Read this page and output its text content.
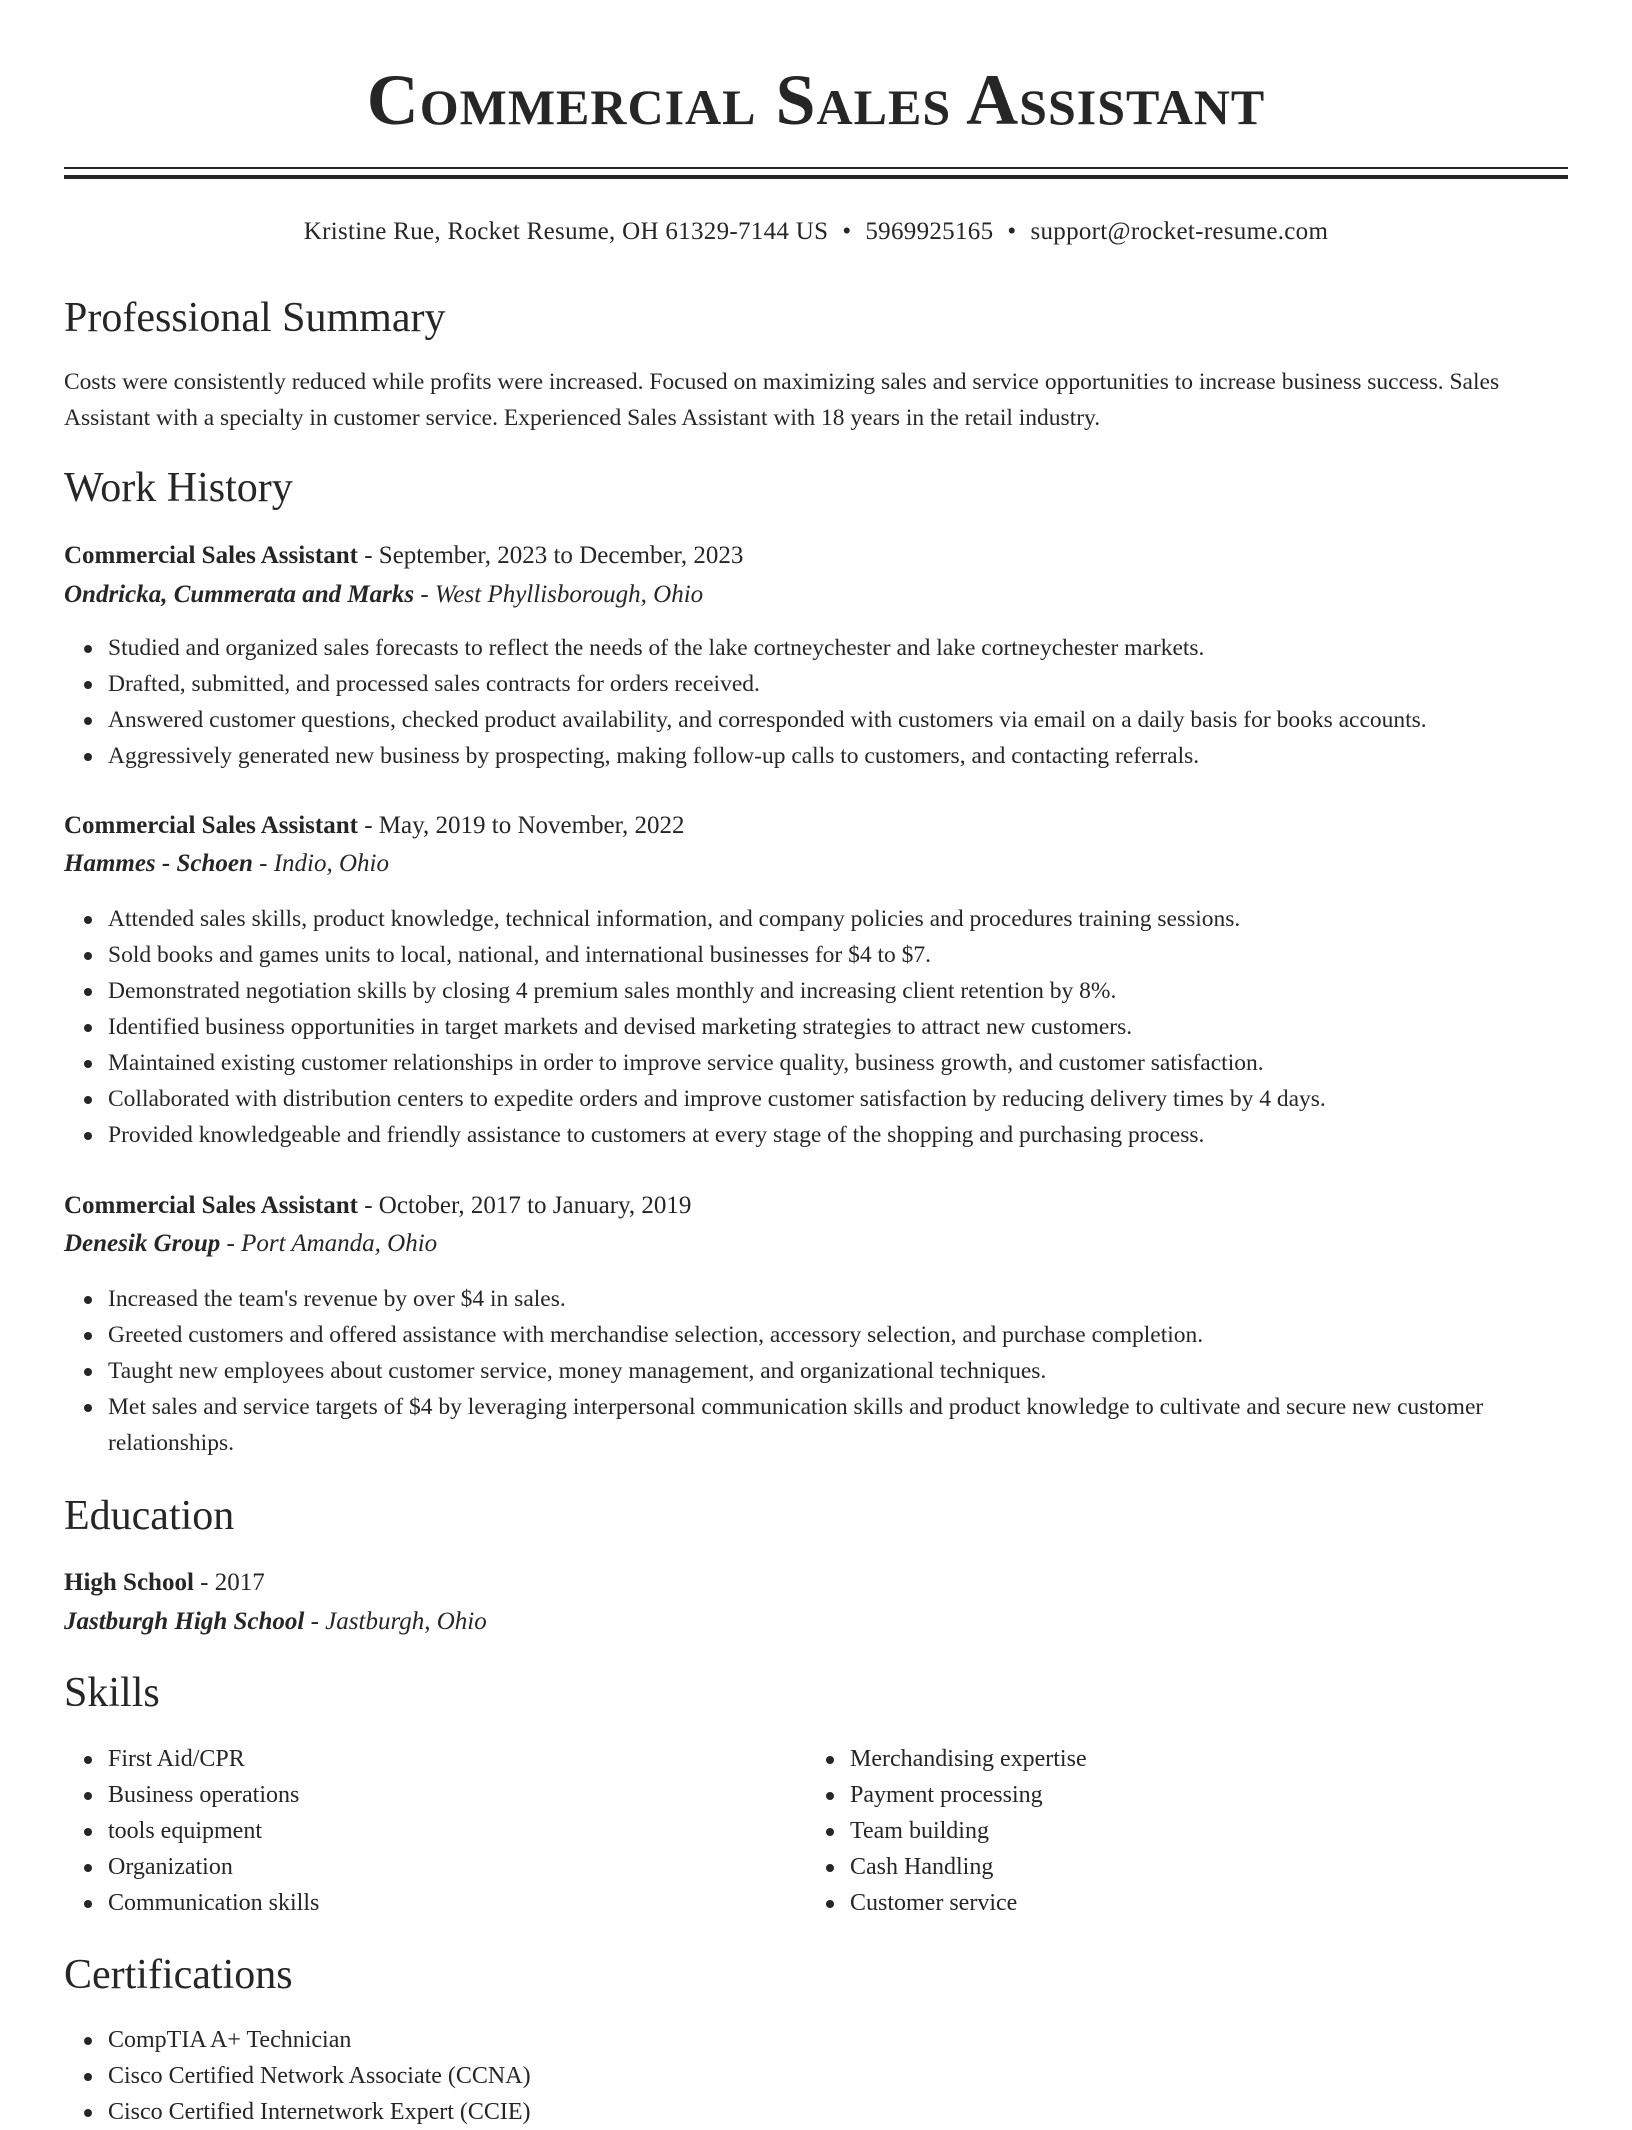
Commercial Sales Assistant
Kristine Rue, Rocket Resume, OH 61329-7144 US • 5969925165 • support@rocket-resume.com
Professional Summary

Costs were consistently reduced while profits were increased. Focused on maximizing sales and service opportunities to increase business success. Sales Assistant with a specialty in customer service. Experienced Sales Assistant with 18 years in the retail industry.

Work History
Commercial Sales Assistant - September, 2023 to December, 2023
Ondricka, Cummerata and Marks - West Phyllisborough, Ohio
Studied and organized sales forecasts to reflect the needs of the lake cortneychester and lake cortneychester markets.
Drafted, submitted, and processed sales contracts for orders received.
Answered customer questions, checked product availability, and corresponded with customers via email on a daily basis for books accounts.
Aggressively generated new business by prospecting, making follow-up calls to customers, and contacting referrals.
Commercial Sales Assistant - May, 2019 to November, 2022
Hammes - Schoen - Indio, Ohio
Attended sales skills, product knowledge, technical information, and company policies and procedures training sessions.
Sold books and games units to local, national, and international businesses for $4 to $7.
Demonstrated negotiation skills by closing 4 premium sales monthly and increasing client retention by 8%.
Identified business opportunities in target markets and devised marketing strategies to attract new customers.
Maintained existing customer relationships in order to improve service quality, business growth, and customer satisfaction.
Collaborated with distribution centers to expedite orders and improve customer satisfaction by reducing delivery times by 4 days.
Provided knowledgeable and friendly assistance to customers at every stage of the shopping and purchasing process.
Commercial Sales Assistant - October, 2017 to January, 2019
Denesik Group - Port Amanda, Ohio
Increased the team's revenue by over $4 in sales.
Greeted customers and offered assistance with merchandise selection, accessory selection, and purchase completion.
Taught new employees about customer service, money management, and organizational techniques.
Met sales and service targets of $4 by leveraging interpersonal communication skills and product knowledge to cultivate and secure new customer relationships.
Education
High School - 2017
Jastburgh High School - Jastburgh, Ohio
Skills
First Aid/CPR
Business operations
tools equipment
Organization
Communication skills
Merchandising expertise
Payment processing
Team building
Cash Handling
Customer service
Certifications
CompTIA A+ Technician
Cisco Certified Network Associate (CCNA)
Cisco Certified Internetwork Expert (CCIE)
